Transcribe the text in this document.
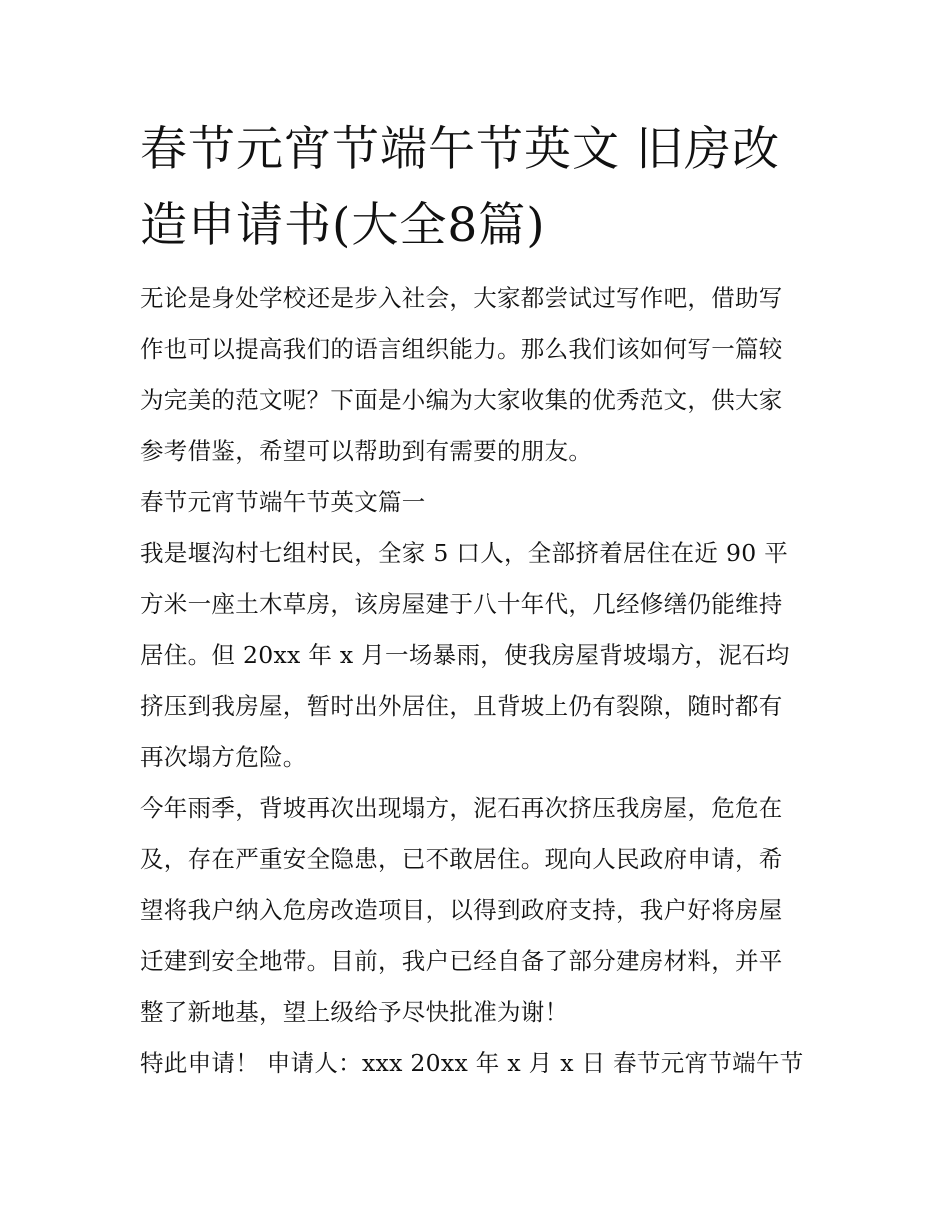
春节元宵节端午节英文 旧房改
造申请书(大全8篇)

无论是身处学校还是步入社会，大家都尝试过写作吧，借助写

作也可以提高我们的语言组织能力。那么我们该如何写一篇较

为完美的范文呢？下面是小编为大家收集的优秀范文，供大家

参考借鉴，希望可以帮助到有需要的朋友。

春节元宵节端午节英文篇一

我是堰沟村七组村民，全家 5 口人，全部挤着居住在近 90 平

方米一座土木草房，该房屋建于八十年代，几经修缮仍能维持

居住。但 20xx 年 x 月一场暴雨，使我房屋背坡塌方，泥石均

挤压到我房屋，暂时出外居住，且背坡上仍有裂隙，随时都有

再次塌方危险。

今年雨季，背坡再次出现塌方，泥石再次挤压我房屋，危危在

及，存在严重安全隐患，已不敢居住。现向人民政府申请，希

望将我户纳入危房改造项目，以得到政府支持，我户好将房屋

迁建到安全地带。目前，我户已经自备了部分建房材料，并平

整了新地基，望上级给予尽快批准为谢！

特此申请！ 申请人：xxx 20xx 年 x 月 x 日 春节元宵节端午节
